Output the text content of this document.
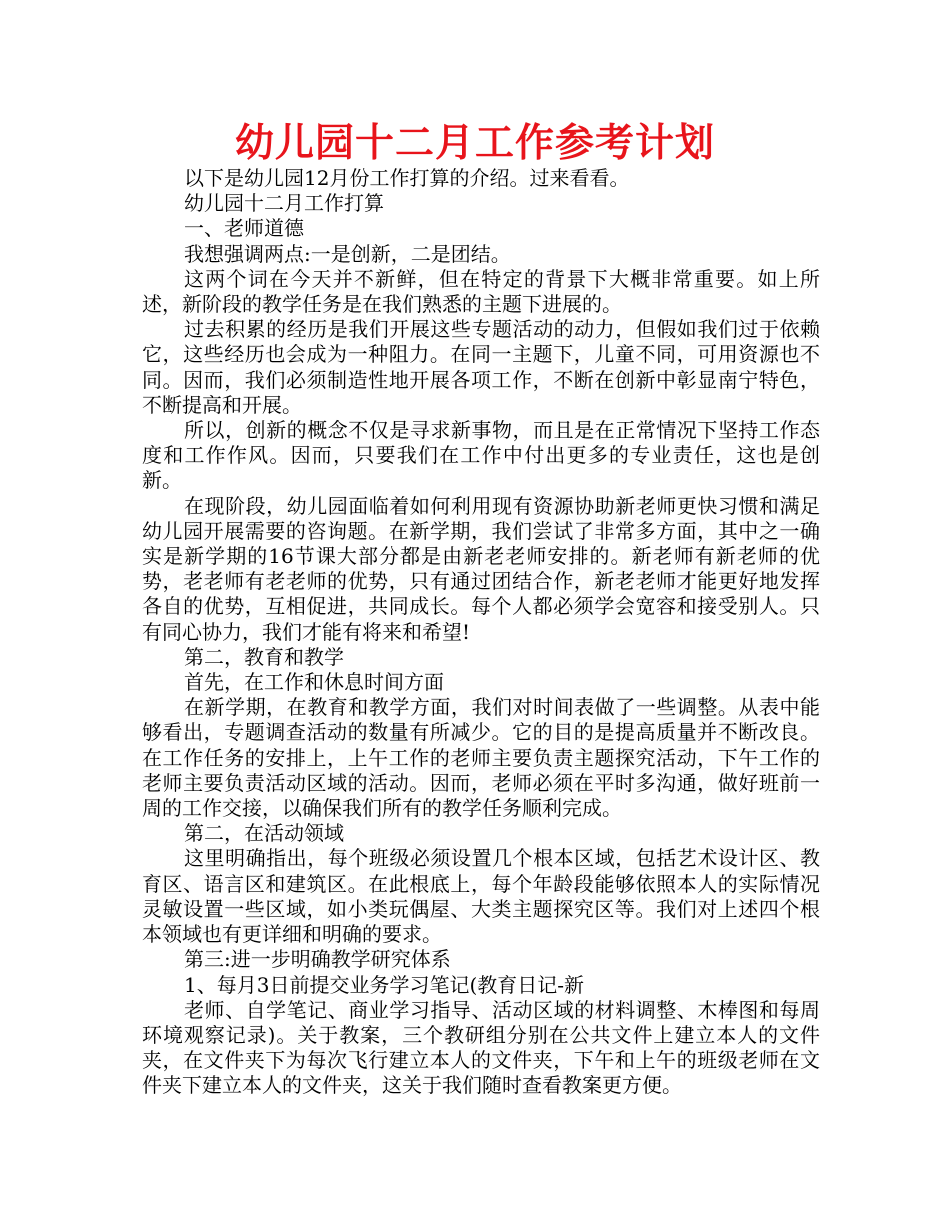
幼儿园十二月工作参考计划

以下是幼儿园12月份工作打算的介绍。过来看看。

幼儿园十二月工作打算

一、老师道德

我想强调两点:一是创新，二是团结。

这两个词在今天并不新鲜，但在特定的背景下大概非常重要。如上所述，新阶段的教学任务是在我们熟悉的主题下进展的。

过去积累的经历是我们开展这些专题活动的动力，但假如我们过于依赖它，这些经历也会成为一种阻力。在同一主题下，儿童不同，可用资源也不同。因而，我们必须制造性地开展各项工作，不断在创新中彰显南宁特色，不断提高和开展。

所以，创新的概念不仅是寻求新事物，而且是在正常情况下坚持工作态度和工作作风。因而，只要我们在工作中付出更多的专业责任，这也是创新。

在现阶段，幼儿园面临着如何利用现有资源协助新老师更快习惯和满足幼儿园开展需要的咨询题。在新学期，我们尝试了非常多方面，其中之一确实是新学期的16节课大部分都是由新老老师安排的。新老师有新老师的优势，老老师有老老师的优势，只有通过团结合作，新老老师才能更好地发挥各自的优势，互相促进，共同成长。每个人都必须学会宽容和接受别人。只有同心协力，我们才能有将来和希望!

第二，教育和教学

首先，在工作和休息时间方面

在新学期，在教育和教学方面，我们对时间表做了一些调整。从表中能够看出，专题调查活动的数量有所减少。它的目的是提高质量并不断改良。在工作任务的安排上，上午工作的老师主要负责主题探究活动，下午工作的老师主要负责活动区域的活动。因而，老师必须在平时多沟通，做好班前一周的工作交接，以确保我们所有的教学任务顺利完成。

第二，在活动领域

这里明确指出，每个班级必须设置几个根本区域，包括艺术设计区、教育区、语言区和建筑区。在此根底上，每个年龄段能够依照本人的实际情况灵敏设置一些区域，如小类玩偶屋、大类主题探究区等。我们对上述四个根本领域也有更详细和明确的要求。

第三:进一步明确教学研究体系

1、每月3日前提交业务学习笔记(教育日记-新

老师、自学笔记、商业学习指导、活动区域的材料调整、木棒图和每周环境观察记录)。关于教案，三个教研组分别在公共文件上建立本人的文件夹，在文件夹下为每次飞行建立本人的文件夹，下午和上午的班级老师在文件夹下建立本人的文件夹，这关于我们随时查看教案更方便。
